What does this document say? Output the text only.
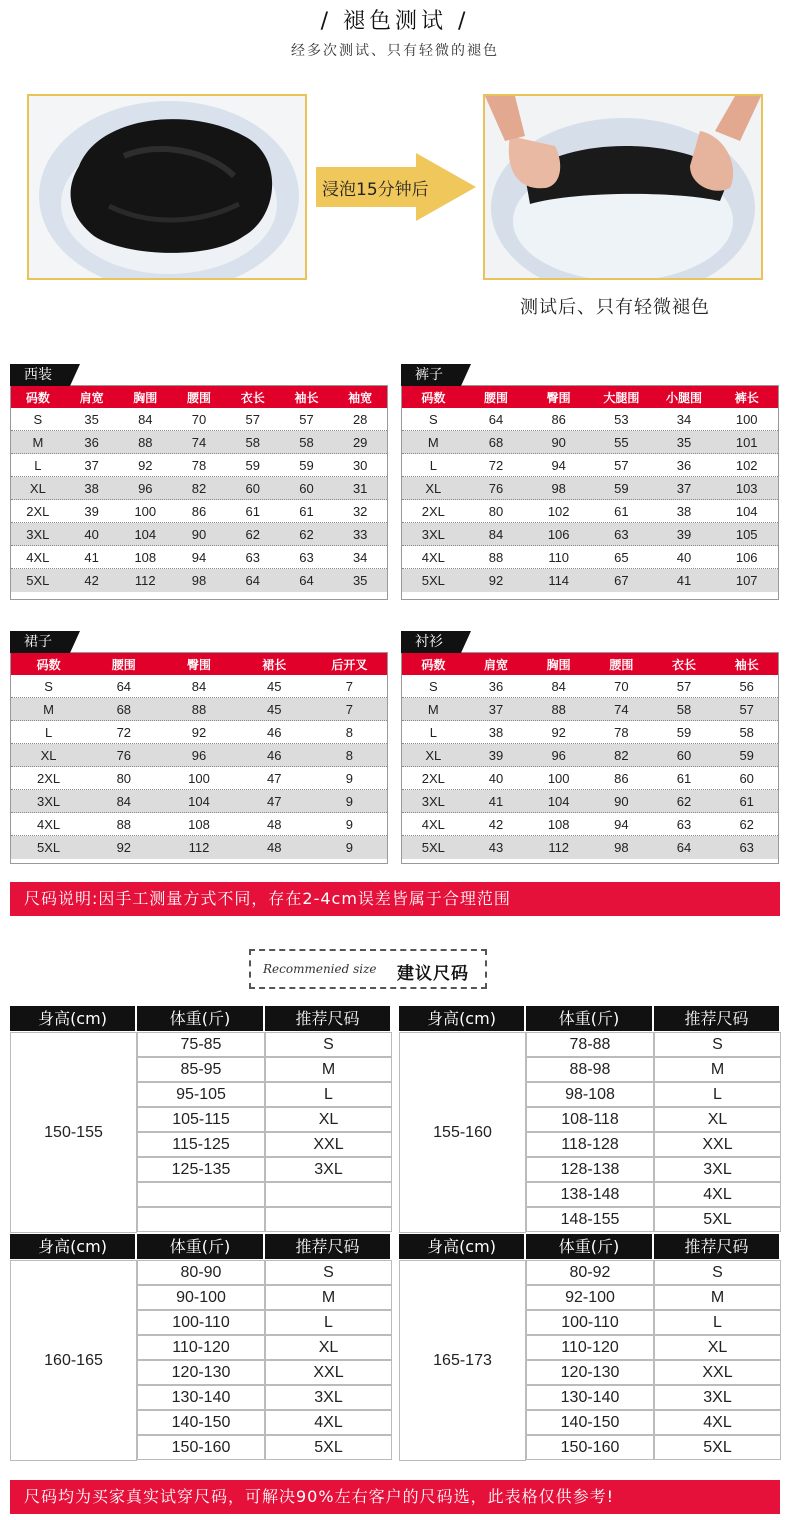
/ 褪色测试 /
经多次测试、只有轻微的褪色
浸泡15分钟后
测试后、只有轻微褪色
西装
码数	肩宽	胸围	腰围	衣长	袖长	袖宽
S	35	84	70	57	57	28
M	36	88	74	58	58	29
L	37	92	78	59	59	30
XL	38	96	82	60	60	31
2XL	39	100	86	61	61	32
3XL	40	104	90	62	62	33
4XL	41	108	94	63	63	34
5XL	42	112	98	64	64	35
裤子
码数	腰围	臀围	大腿围	小腿围	裤长
S	64	86	53	34	100
M	68	90	55	35	101
L	72	94	57	36	102
XL	76	98	59	37	103
2XL	80	102	61	38	104
3XL	84	106	63	39	105
4XL	88	110	65	40	106
5XL	92	114	67	41	107
裙子
码数	腰围	臀围	裙长	后开叉
S	64	84	45	7
M	68	88	45	7
L	72	92	46	8
XL	76	96	46	8
2XL	80	100	47	9
3XL	84	104	47	9
4XL	88	108	48	9
5XL	92	112	48	9
衬衫
码数	肩宽	胸围	腰围	衣长	袖长
S	36	84	70	57	56
M	37	88	74	58	57
L	38	92	78	59	58
XL	39	96	82	60	59
2XL	40	100	86	61	60
3XL	41	104	90	62	61
4XL	42	108	94	63	62
5XL	43	112	98	64	63
尺码说明:因手工测量方式不同，存在2-4cm误差皆属于合理范围
Recommenied size 建议尺码
身高(cm)	体重(斤)	推荐尺码
150-155
75-85	S
85-95	M
95-105	L
105-115	XL
115-125	XXL
125-135	3XL
身高(cm)	体重(斤)	推荐尺码
155-160
78-88	S
88-98	M
98-108	L
108-118	XL
118-128	XXL
128-138	3XL
138-148	4XL
148-155	5XL
身高(cm)	体重(斤)	推荐尺码
160-165
80-90	S
90-100	M
100-110	L
110-120	XL
120-130	XXL
130-140	3XL
140-150	4XL
150-160	5XL
身高(cm)	体重(斤)	推荐尺码
165-173
80-92	S
92-100	M
100-110	L
110-120	XL
120-130	XXL
130-140	3XL
140-150	4XL
150-160	5XL
尺码均为买家真实试穿尺码，可解决90%左右客户的尺码选，此表格仅供参考!
